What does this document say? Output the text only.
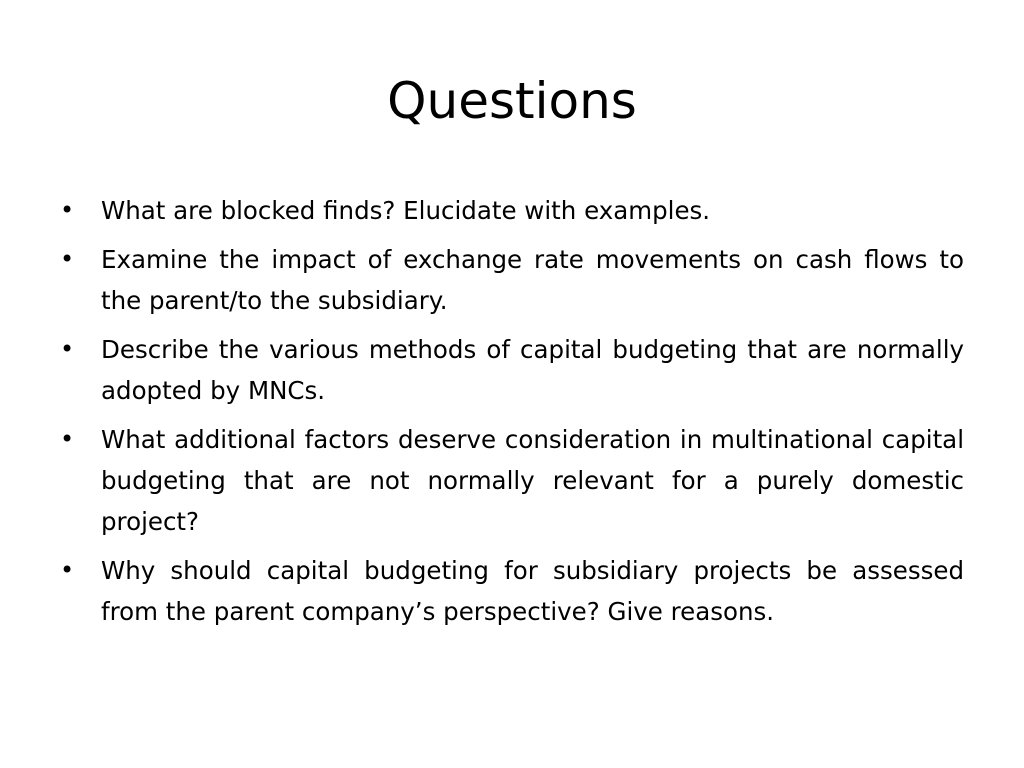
Questions
• What are blocked finds? Elucidate with examples.
• Examine the impact of exchange rate movements on cash flows to the parent/to the subsidiary.
• Describe the various methods of capital budgeting that are normally adopted by MNCs.
• What additional factors deserve consideration in multinational capital budgeting that are not normally relevant for a purely domestic project?
• Why should capital budgeting for subsidiary projects be assessed from the parent company’s perspective? Give reasons.
